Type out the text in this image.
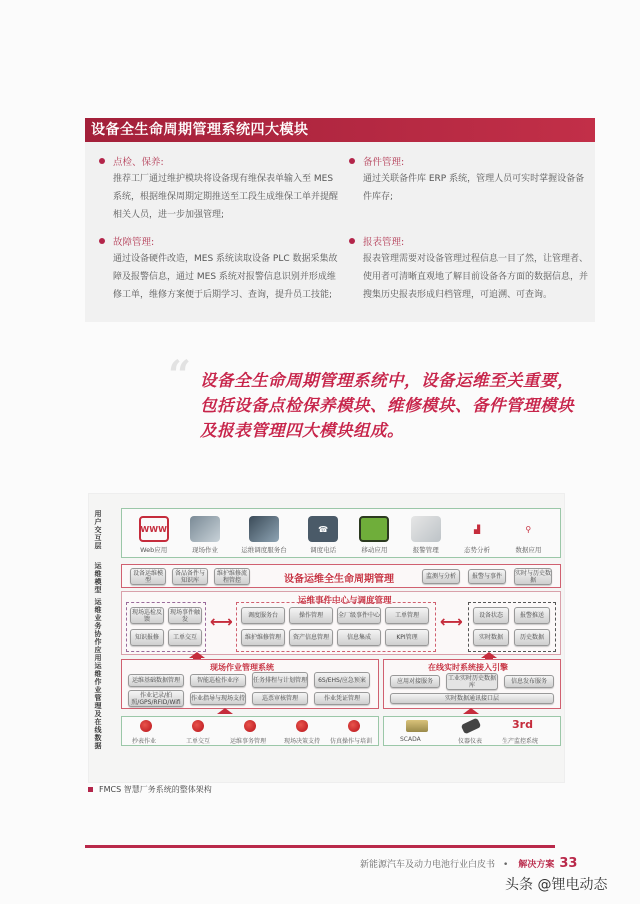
设备全生命周期管理系统四大模块
点检、保养:
推荐工厂通过维护模块将设备现有维保表单输入至 MES 系统，根据维保周期定期推送至工段生成维保工单并提醒相关人员，进一步加强管理;
备件管理:
通过关联备件库 ERP 系统，管理人员可实时掌握设备备件库存;
故障管理:
通过设备硬件改造，MES 系统读取设备 PLC 数据采集故障及报警信息，通过 MES 系统对报警信息识别并形成维修工单，维修方案便于后期学习、查询，提升员工技能;
报表管理:
报表管理需要对设备管理过程信息一目了然，让管理者、使用者可清晰直观地了解目前设备各方面的数据信息，并搜集历史报表形成归档管理，可追溯、可查询。
“ 设备全生命周期管理系统中，设备运维至关重要，包括设备点检保养模块、维修模块、备件管理模块及报表管理四大模块组成。
用户交互层
运维模型
运维业务协作应用
运维作业管理及在线数据
WWW
Web应用	现场作业	运维调度服务台
☎
调度电话	移动应用	报警管理
▟
态势分析
⚲
数据应用
设备运维模型
备品备件与知识库
维护维修流程管控	设备运维全生命周期管理	监测与分析	报警与事件	实时与历史数据
运维事件中心与调度管理
现场巡检反馈
现场事件触发
知识报修	工单交互
⟷	调度服务台	操作管理	全厂级事件中心	工单管理
维护维修管理	资产信息管理	信息集成	KPI管理
⟷	设备状态	报警推送
实时数据	历史数据
现场作业管理系统
运维基础数据管理	智能巡检作业序	任务排程与计划管理	6S/EHS/应急预案
作业记录/拍照/GPS/RFID/Wifi	作业指导与现场支持	巡票审核管理	作业凭证管理
在线实时系统接入引擎
应用对接服务	工业实时历史数据库	信息发布服务
实时数据通讯接口层
抄表作业	工单交互	运维事务管理	现场决策支持 仿真操作与培训	SCADA	仪器仪表
3rd
生产监控系统
FMCS 智慧厂务系统的整体架构
新能源汽车及动力电池行业白皮书 • 解决方案 33
头条 @锂电动态
